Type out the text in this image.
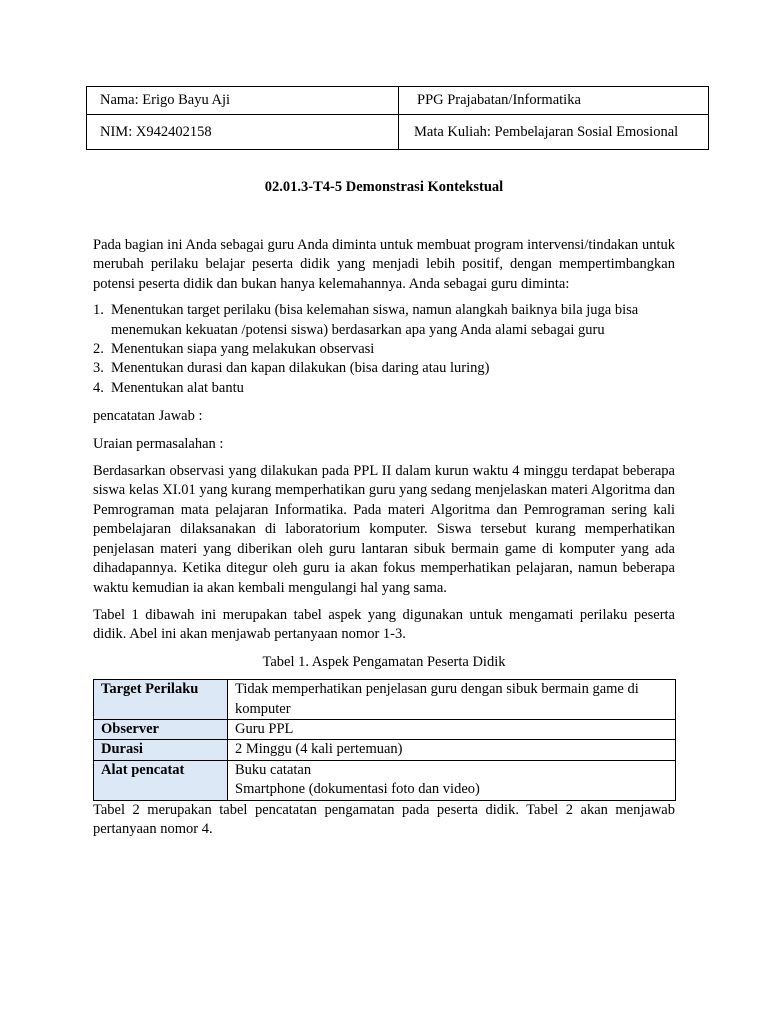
Nama: Erigo Bayu Aji	PPG Prajabatan/Informatika
NIM: X942402158	Mata Kuliah: Pembelajaran Sosial Emosional
02.01.3-T4-5 Demonstrasi Kontekstual

Pada bagian ini Anda sebagai guru Anda diminta untuk membuat program intervensi/tindakan untuk merubah perilaku belajar peserta didik yang menjadi lebih positif, dengan mempertimbangkan potensi peserta didik dan bukan hanya kelemahannya. Anda sebagai guru diminta:

1. Menentukan target perilaku (bisa kelemahan siswa, namun alangkah baiknya bila juga bisa menemukan kekuatan /potensi siswa) berdasarkan apa yang Anda alami sebagai guru
2. Menentukan siapa yang melakukan observasi
3. Menentukan durasi dan kapan dilakukan (bisa daring atau luring)
4. Menentukan alat bantu

pencatatan Jawab :

Uraian permasalahan :

Berdasarkan observasi yang dilakukan pada PPL II dalam kurun waktu 4 minggu terdapat beberapa siswa kelas XI.01 yang kurang memperhatikan guru yang sedang menjelaskan materi Algoritma dan Pemrograman mata pelajaran Informatika. Pada materi Algoritma dan Pemrograman sering kali pembelajaran dilaksanakan di laboratorium komputer. Siswa tersebut kurang memperhatikan penjelasan materi yang diberikan oleh guru lantaran sibuk bermain game di komputer yang ada dihadapannya. Ketika ditegur oleh guru ia akan fokus memperhatikan pelajaran, namun beberapa waktu kemudian ia akan kembali mengulangi hal yang sama.

Tabel 1 dibawah ini merupakan tabel aspek yang digunakan untuk mengamati perilaku peserta didik. Abel ini akan menjawab pertanyaan nomor 1-3.

Tabel 1. Aspek Pengamatan Peserta Didik

Target Perilaku	Tidak memperhatikan penjelasan guru dengan sibuk bermain game di komputer
Observer	Guru PPL
Durasi	2 Minggu (4 kali pertemuan)
Alat pencatat	Buku catatan
Smartphone (dokumentasi foto dan video)

Tabel 2 merupakan tabel pencatatan pengamatan pada peserta didik. Tabel 2 akan menjawab pertanyaan nomor 4.
